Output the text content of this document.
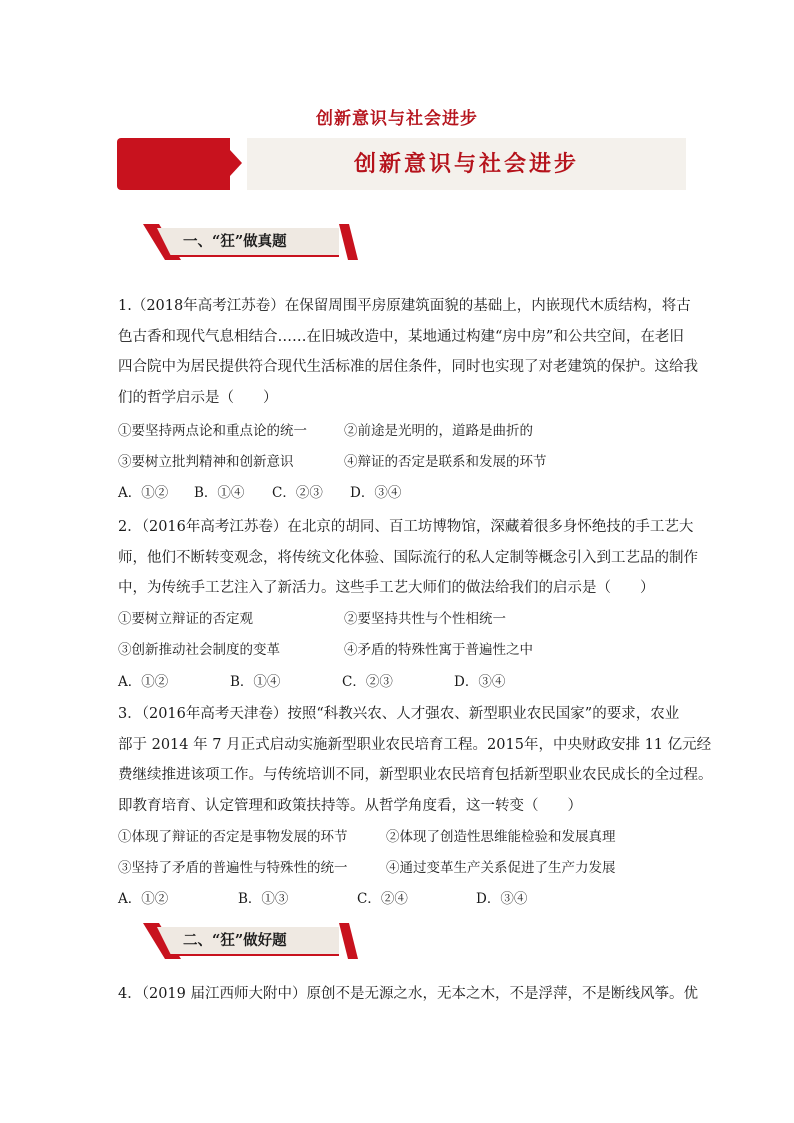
创新意识与社会进步
创新意识与社会进步
一、“狂”做真题
1.（2018年高考江苏卷）在保留周围平房原建筑面貌的基础上，内嵌现代木质结构，将古
色古香和现代气息相结合……在旧城改造中，某地通过构建“房中房”和公共空间，在老旧
四合院中为居民提供符合现代生活标准的居住条件，同时也实现了对老建筑的保护。这给我
们的哲学启示是（　　）
①要坚持两点论和重点论的统一	②前途是光明的，道路是曲折的
③要树立批判精神和创新意识	④辩证的否定是联系和发展的环节
A．①② B．①④ C．②③ D．③④
2．（2016年高考江苏卷）在北京的胡同、百工坊博物馆，深藏着很多身怀绝技的手工艺大
师，他们不断转变观念，将传统文化体验、国际流行的私人定制等概念引入到工艺品的制作
中，为传统手工艺注入了新活力。这些手工艺大师们的做法给我们的启示是（　　）
①要树立辩证的否定观	②要坚持共性与个性相统一
③创新推动社会制度的变革	④矛盾的特殊性寓于普遍性之中
A．①②	B．①④	C．②③	D．③④
3．（2016年高考天津卷）按照“科教兴农、人才强农、新型职业农民国家”的要求，农业
部于 2014 年 7 月正式启动实施新型职业农民培育工程。2015年，中央财政安排 11 亿元经
费继续推进该项工作。与传统培训不同，新型职业农民培育包括新型职业农民成长的全过程。
即教育培育、认定管理和政策扶持等。从哲学角度看，这一转变（　　）
①体现了辩证的否定是事物发展的环节	②体现了创造性思维能检验和发展真理
③坚持了矛盾的普遍性与特殊性的统一	④通过变革生产关系促进了生产力发展
A．①②	B．①③	C．②④	D．③④
二、“狂”做好题
4．（2019 届江西师大附中）原创不是无源之水，无本之木，不是浮萍，不是断线风筝。优
